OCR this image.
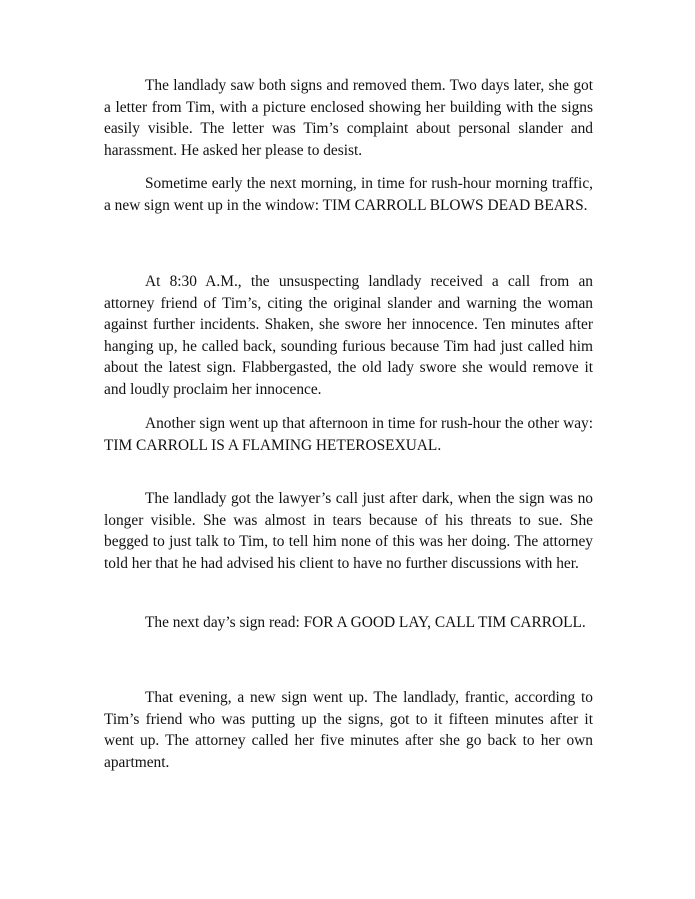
The landlady saw both signs and removed them. Two days later, she got a letter from Tim, with a picture enclosed showing her building with the signs easily visible. The letter was Tim’s complaint about personal slander and harassment. He asked her please to desist.

Sometime early the next morning, in time for rush-hour morning traffic, a new sign went up in the window: TIM CARROLL BLOWS DEAD BEARS.

At 8:30 A.M., the unsuspecting landlady received a call from an attorney friend of Tim’s, citing the original slander and warning the woman against further incidents. Shaken, she swore her innocence. Ten minutes after hanging up, he called back, sounding furious because Tim had just called him about the latest sign. Flabbergasted, the old lady swore she would remove it and loudly proclaim her innocence.

Another sign went up that afternoon in time for rush-hour the other way: TIM CARROLL IS A FLAMING HETEROSEXUAL.

The landlady got the lawyer’s call just after dark, when the sign was no longer visible. She was almost in tears because of his threats to sue. She begged to just talk to Tim, to tell him none of this was her doing. The attorney told her that he had advised his client to have no further discussions with her.

The next day’s sign read: FOR A GOOD LAY, CALL TIM CARROLL.

That evening, a new sign went up. The landlady, frantic, according to Tim’s friend who was putting up the signs, got to it fifteen minutes after it went up. The attorney called her five minutes after she go back to her own apartment.
